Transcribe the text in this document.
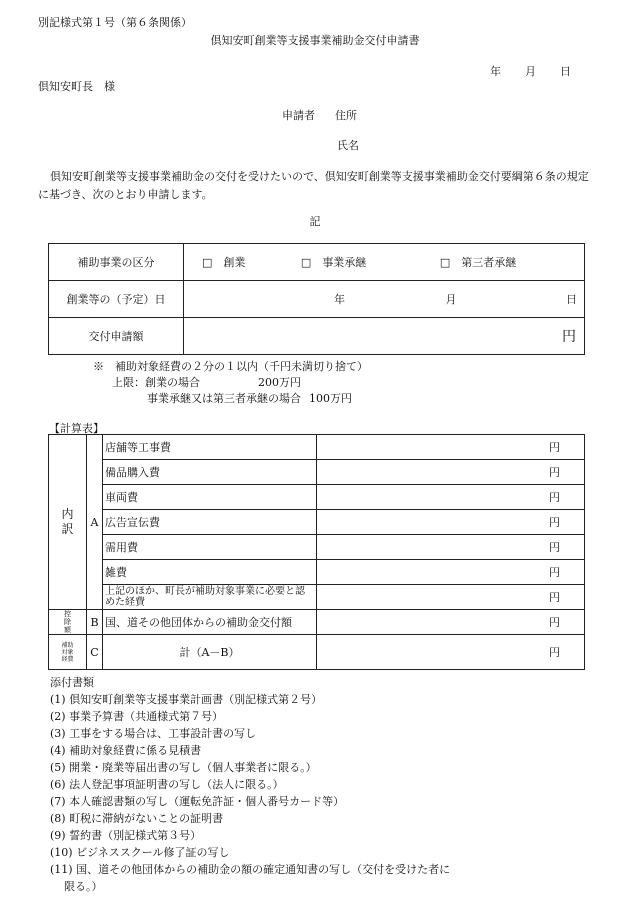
別記様式第１号（第６条関係）
倶知安町創業等支援事業補助金交付申請書
年 月 日
倶知安町長　様
申請者 住所
氏名
倶知安町創業等支援事業補助金の交付を受けたいので、倶知安町創業等支援事業補助金交付要綱第６条の規定に基づき、次のとおり申請します。
記
補助事業の区分	□　 創業 □　 事業承継 □　 第三者承継
創業等の（予定）日	年 月 日
交付申請額	円
※　補助対象経費の２分の１以内（千円未満切り捨て）
上限：創業の場合	200万円
事業承継又は第三者承継の場合 100万円
【計算表】
内訳	A	店舗等工事費	円
		備品購入費	円
		車両費	円
		広告宣伝費	円
		需用費	円
		雑費	円
		上記のほか、町長が補助対象事業に必要と認めた経費	円
控除額	B	国、道その他団体からの補助金交付額	円
補助対象経費	C	計（A－B）	円
添付書類
(1) 倶知安町創業等支援事業計画書（別記様式第２号）
(2) 事業予算書（共通様式第７号）
(3) 工事をする場合は、工事設計書の写し
(4) 補助対象経費に係る見積書
(5) 開業・廃業等届出書の写し（個人事業者に限る。）
(6) 法人登記事項証明書の写し（法人に限る。）
(7) 本人確認書類の写し（運転免許証・個人番号カード等）
(8) 町税に滞納がないことの証明書
(9) 誓約書（別記様式第３号）
(10) ビジネススクール修了証の写し
(11) 国、道その他団体からの補助金の額の確定通知書の写し（交付を受けた者に
限る。）
